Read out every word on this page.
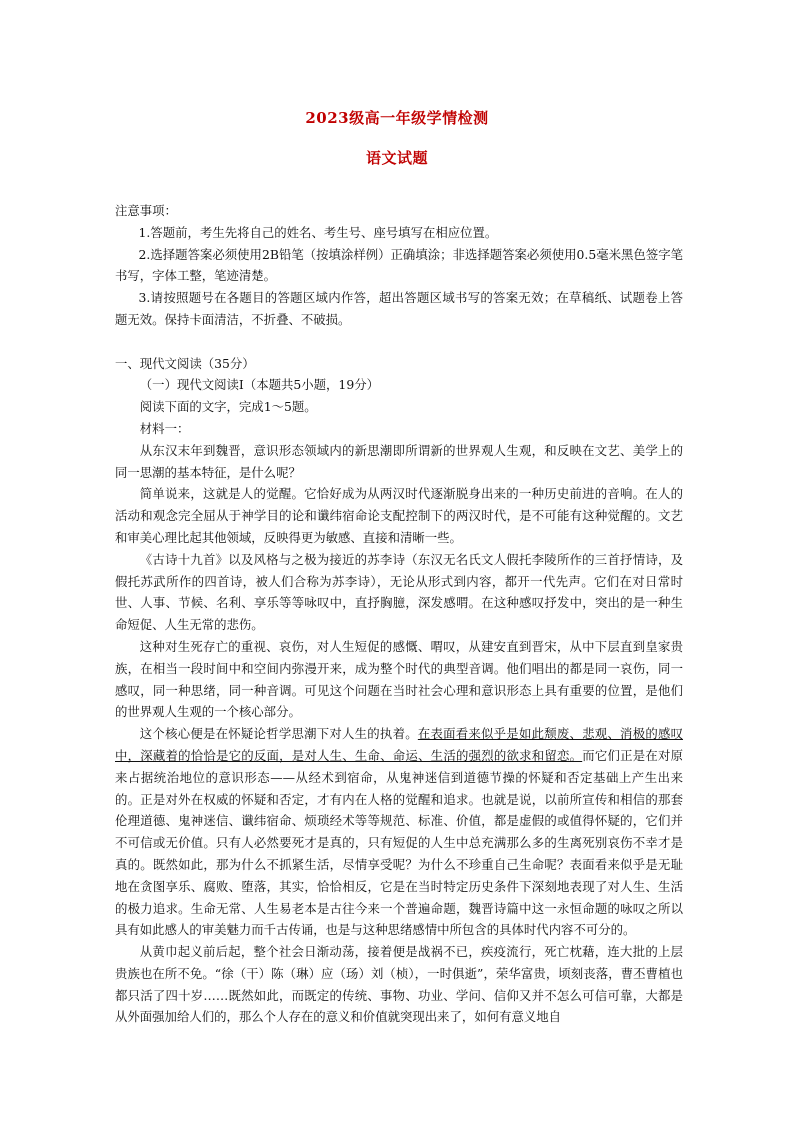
2023级高一年级学情检测
语文试题

注意事项：

1.答题前，考生先将自己的姓名、考生号、座号填写在相应位置。

2.选择题答案必须使用2B铅笔（按填涂样例）正确填涂；非选择题答案必须使用0.5毫米黑色签字笔书写，字体工整，笔迹清楚。

3.请按照题号在各题目的答题区域内作答，超出答题区域书写的答案无效；在草稿纸、试题卷上答题无效。保持卡面清洁，不折叠、不破损。

一、现代文阅读（35分）

（一）现代文阅读Ⅰ（本题共5小题，19分）

阅读下面的文字，完成1～5题。

材料一：

从东汉末年到魏晋，意识形态领域内的新思潮即所谓新的世界观人生观，和反映在文艺、美学上的同一思潮的基本特征，是什么呢？

简单说来，这就是人的觉醒。它恰好成为从两汉时代逐渐脱身出来的一种历史前进的音响。在人的活动和观念完全屈从于神学目的论和谶纬宿命论支配控制下的两汉时代，是不可能有这种觉醒的。文艺和审美心理比起其他领域，反映得更为敏感、直接和清晰一些。

《古诗十九首》以及风格与之极为接近的苏李诗（东汉无名氏文人假托李陵所作的三首抒情诗，及假托苏武所作的四首诗，被人们合称为苏李诗），无论从形式到内容，都开一代先声。它们在对日常时世、人事、节候、名利、享乐等等咏叹中，直抒胸臆，深发感喟。在这种感叹抒发中，突出的是一种生命短促、人生无常的悲伤。

这种对生死存亡的重视、哀伤，对人生短促的感慨、喟叹，从建安直到晋宋，从中下层直到皇家贵族，在相当一段时间中和空间内弥漫开来，成为整个时代的典型音调。他们唱出的都是同一哀伤，同一感叹，同一种思绪，同一种音调。可见这个问题在当时社会心理和意识形态上具有重要的位置，是他们的世界观人生观的一个核心部分。

这个核心便是在怀疑论哲学思潮下对人生的执着。在表面看来似乎是如此颓废、悲观、消极的感叹中，深藏着的恰恰是它的反面，是对人生、生命、命运、生活的强烈的欲求和留恋。而它们正是在对原来占据统治地位的意识形态——从经术到宿命，从鬼神迷信到道德节操的怀疑和否定基础上产生出来的。正是对外在权威的怀疑和否定，才有内在人格的觉醒和追求。也就是说，以前所宣传和相信的那套伦理道德、鬼神迷信、谶纬宿命、烦琐经术等等规范、标准、价值，都是虚假的或值得怀疑的，它们并不可信或无价值。只有人必然要死才是真的，只有短促的人生中总充满那么多的生离死别哀伤不幸才是真的。既然如此，那为什么不抓紧生活，尽情享受呢？为什么不珍重自己生命呢？表面看来似乎是无耻地在贪图享乐、腐败、堕落，其实，恰恰相反，它是在当时特定历史条件下深刻地表现了对人生、生活的极力追求。生命无常、人生易老本是古往今来一个普遍命题，魏晋诗篇中这一永恒命题的咏叹之所以具有如此感人的审美魅力而千古传诵，也是与这种思绪感情中所包含的具体时代内容不可分的。

从黄巾起义前后起，整个社会日渐动荡，接着便是战祸不已，疾疫流行，死亡枕藉，连大批的上层贵族也在所不免。“徐（干）陈（琳）应（玚）刘（桢），一时俱逝”，荣华富贵，顷刻丧落，曹丕曹植也都只活了四十岁……既然如此，而既定的传统、事物、功业、学问、信仰又并不怎么可信可靠，大都是从外面强加给人们的，那么个人存在的意义和价值就突现出来了，如何有意义地自
